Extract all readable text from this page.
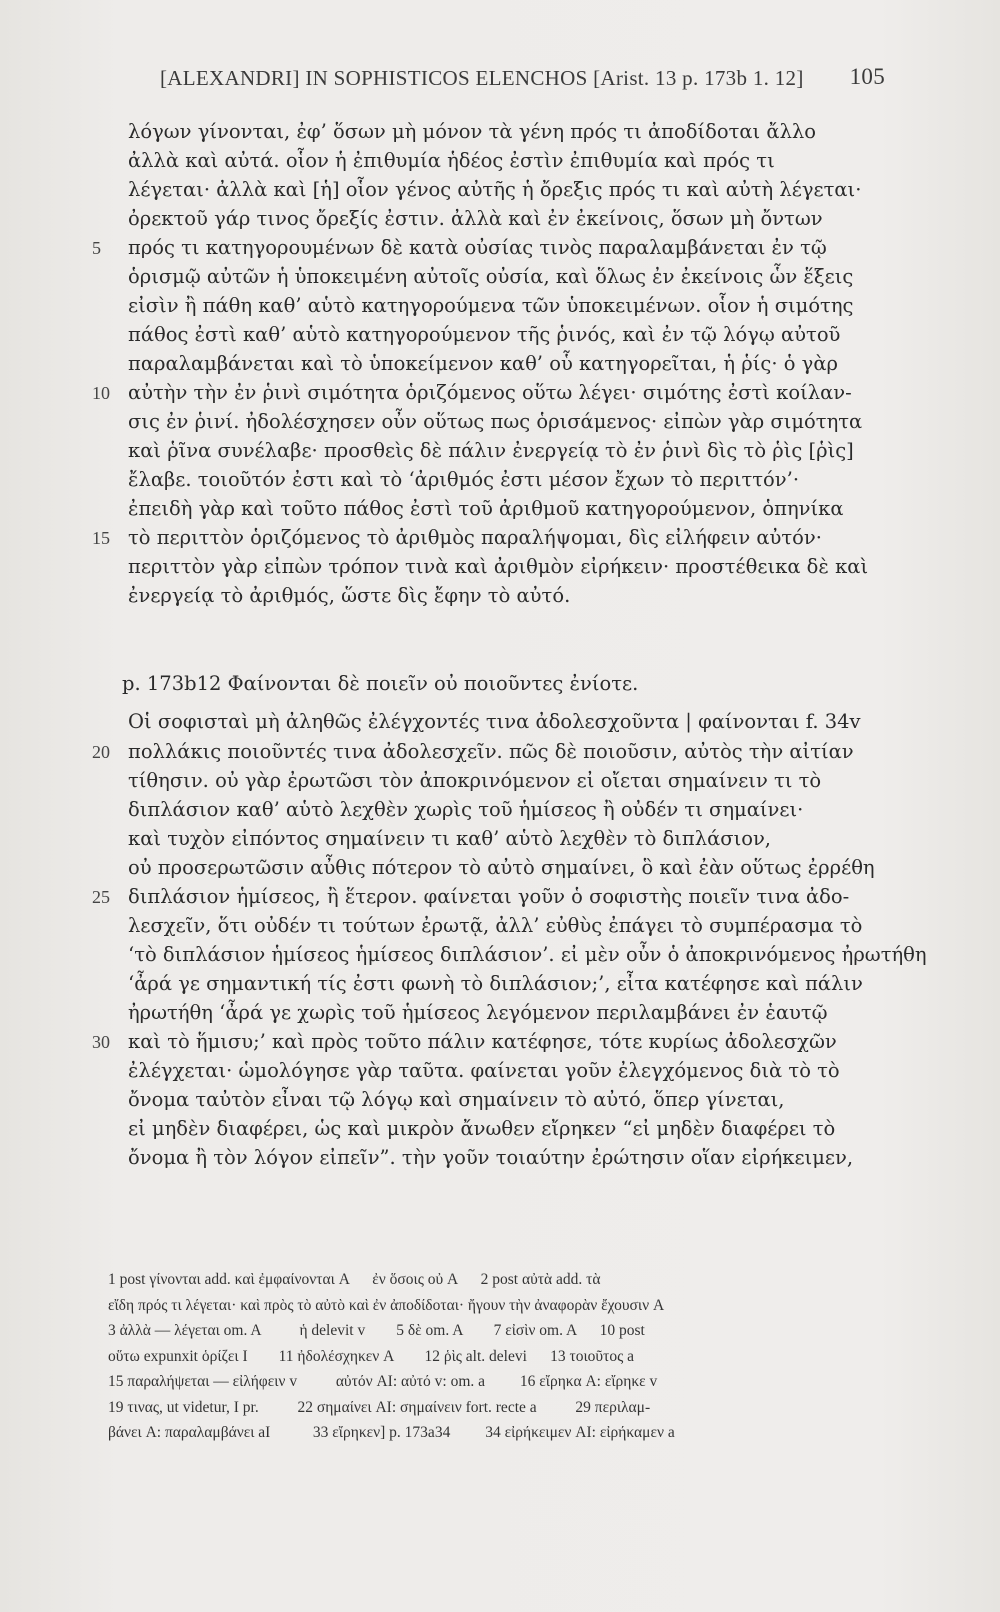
[ALEXANDRI] IN SOPHISTICOS ELENCHOS [Arist. 13 p. 173b 1. 12] 105
λόγων γίνονται, ἐφ’ ὅσων μὴ μόνον τὰ γένη πρός τι ἀποδίδοται ἄλλο
ἀλλὰ καὶ αὐτά. οἷον ἡ ἐπιθυμία ἡδέος ἐστὶν ἐπιθυμία καὶ πρός τι
λέγεται· ἀλλὰ καὶ [ἡ] οἷον γένος αὐτῆς ἡ ὄρεξις πρός τι καὶ αὐτὴ λέγεται·
ὀρεκτοῦ γάρ τινος ὄρεξίς ἐστιν. ἀλλὰ καὶ ἐν ἐκείνοις, ὅσων μὴ ὄντων
5	πρός τι κατηγορουμένων δὲ κατὰ οὐσίας τινὸς παραλαμβάνεται ἐν τῷ
ὁρισμῷ αὐτῶν ἡ ὑποκειμένη αὐτοῖς οὐσία, καὶ ὅλως ἐν ἐκείνοις ὧν ἕξεις
εἰσὶν ἢ πάθη καθ’ αὑτὸ κατηγορούμενα τῶν ὑποκειμένων. οἷον ἡ σιμότης
πάθος ἐστὶ καθ’ αὑτὸ κατηγορούμενον τῆς ῥινός, καὶ ἐν τῷ λόγῳ αὐτοῦ
παραλαμβάνεται καὶ τὸ ὑποκείμενον καθ’ οὗ κατηγορεῖται, ἡ ῥίς· ὁ γὰρ
10 αὐτὴν τὴν ἐν ῥινὶ σιμότητα ὁριζόμενος οὕτω λέγει· σιμότης ἐστὶ κοίλαν-
σις ἐν ῥινί. ἠδολέσχησεν οὖν οὕτως πως ὁρισάμενος· εἰπὼν γὰρ σιμότητα
καὶ ῥῖνα συνέλαβε· προσθεὶς δὲ πάλιν ἐνεργείᾳ τὸ ἐν ῥινὶ δὶς τὸ ῥὶς [ῥὶς]
ἔλαβε. τοιοῦτόν ἐστι καὶ τὸ ‘ἀριθμός ἐστι μέσον ἔχων τὸ περιττόν’·
ἐπειδὴ γὰρ καὶ τοῦτο πάθος ἐστὶ τοῦ ἀριθμοῦ κατηγορούμενον, ὁπηνίκα
15 τὸ περιττὸν ὁριζόμενος τὸ ἀριθμὸς παραλήψομαι, δὶς εἰλήφειν αὐτόν·
περιττὸν γὰρ εἰπὼν τρόπον τινὰ καὶ ἀριθμὸν εἰρήκειν· προστέθεικα δὲ καὶ
ἐνεργείᾳ τὸ ἀριθμός, ὥστε δὶς ἔφην τὸ αὐτό.
p. 173b12 Φαίνονται δὲ ποιεῖν οὐ ποιοῦντες ἐνίοτε.
Οἱ σοφισταὶ μὴ ἀληθῶς ἐλέγχοντές τινα ἀδολεσχοῦντα | φαίνονται f. 34v
20 πολλάκις ποιοῦντές τινα ἀδολεσχεῖν. πῶς δὲ ποιοῦσιν, αὐτὸς τὴν αἰτίαν
τίθησιν. οὐ γὰρ ἐρωτῶσι τὸν ἀποκρινόμενον εἰ οἴεται σημαίνειν τι τὸ
διπλάσιον καθ’ αὑτὸ λεχθὲν χωρὶς τοῦ ἡμίσεος ἢ οὐδέν τι σημαίνει·
καὶ τυχὸν εἰπόντος σημαίνειν τι καθ’ αὑτὸ λεχθὲν τὸ διπλάσιον,
οὐ προσερωτῶσιν αὖθις πότερον τὸ αὐτὸ σημαίνει, ὃ καὶ ἐὰν οὕτως ἐρρέθη
25 διπλάσιον ἡμίσεος, ἢ ἕτερον. φαίνεται γοῦν ὁ σοφιστὴς ποιεῖν τινα ἀδο-
λεσχεῖν, ὅτι οὐδέν τι τούτων ἐρωτᾷ, ἀλλ’ εὐθὺς ἐπάγει τὸ συμπέρασμα τὸ
‘τὸ διπλάσιον ἡμίσεος ἡμίσεος διπλάσιον’. εἰ μὲν οὖν ὁ ἀποκρινόμενος ἠρωτήθη
‘ἆρά γε σημαντική τίς ἐστι φωνὴ τὸ διπλάσιον;’, εἶτα κατέφησε καὶ πάλιν
ἠρωτήθη ‘ἆρά γε χωρὶς τοῦ ἡμίσεος λεγόμενον περιλαμβάνει ἐν ἑαυτῷ
30 καὶ τὸ ἥμισυ;’ καὶ πρὸς τοῦτο πάλιν κατέφησε, τότε κυρίως ἀδολεσχῶν
ἐλέγχεται· ὡμολόγησε γὰρ ταῦτα. φαίνεται γοῦν ἐλεγχόμενος διὰ τὸ τὸ
ὄνομα ταὐτὸν εἶναι τῷ λόγῳ καὶ σημαίνειν τὸ αὐτό, ὅπερ γίνεται,
εἰ μηδὲν διαφέρει, ὡς καὶ μικρὸν ἄνωθεν εἴρηκεν “εἰ μηδὲν διαφέρει τὸ
ὄνομα ἢ τὸν λόγον εἰπεῖν”. τὴν γοῦν τοιαύτην ἐρώτησιν οἵαν εἰρήκειμεν,
1 post γίνονται add. καὶ ἐμφαίνονται A      ἐν ὅσοις οὐ A      2 post αὐτὰ add. τὰ
εἴδη πρός τι λέγεται· καὶ πρὸς τὸ αὐτὸ καὶ ἐν ἀποδίδοται· ἤγουν τὴν ἀναφορὰν ἔχουσιν A
3 ἀλλὰ — λέγεται om. A          ἡ delevit v        5 δὲ om. A        7 εἰσὶν om. A      10 post
οὕτω expunxit ὁρίζει I        11 ἠδολέσχηκεν A        12 ῥὶς alt. delevi      13 τοιοῦτος a
15 παραλήψεται — εἰλήφειν v          αὐτόν AI: αὐτό v: om. a         16 εἴρηκα A: εἴρηκε v
19 τινας, ut videtur, I pr.          22 σημαίνει AI: σημαίνειν fort. recte a          29 περιλαμ-
βάνει A: παραλαμβάνει aI           33 εἴρηκεν] p. 173a34         34 εἰρήκειμεν AI: εἰρήκαμεν a
